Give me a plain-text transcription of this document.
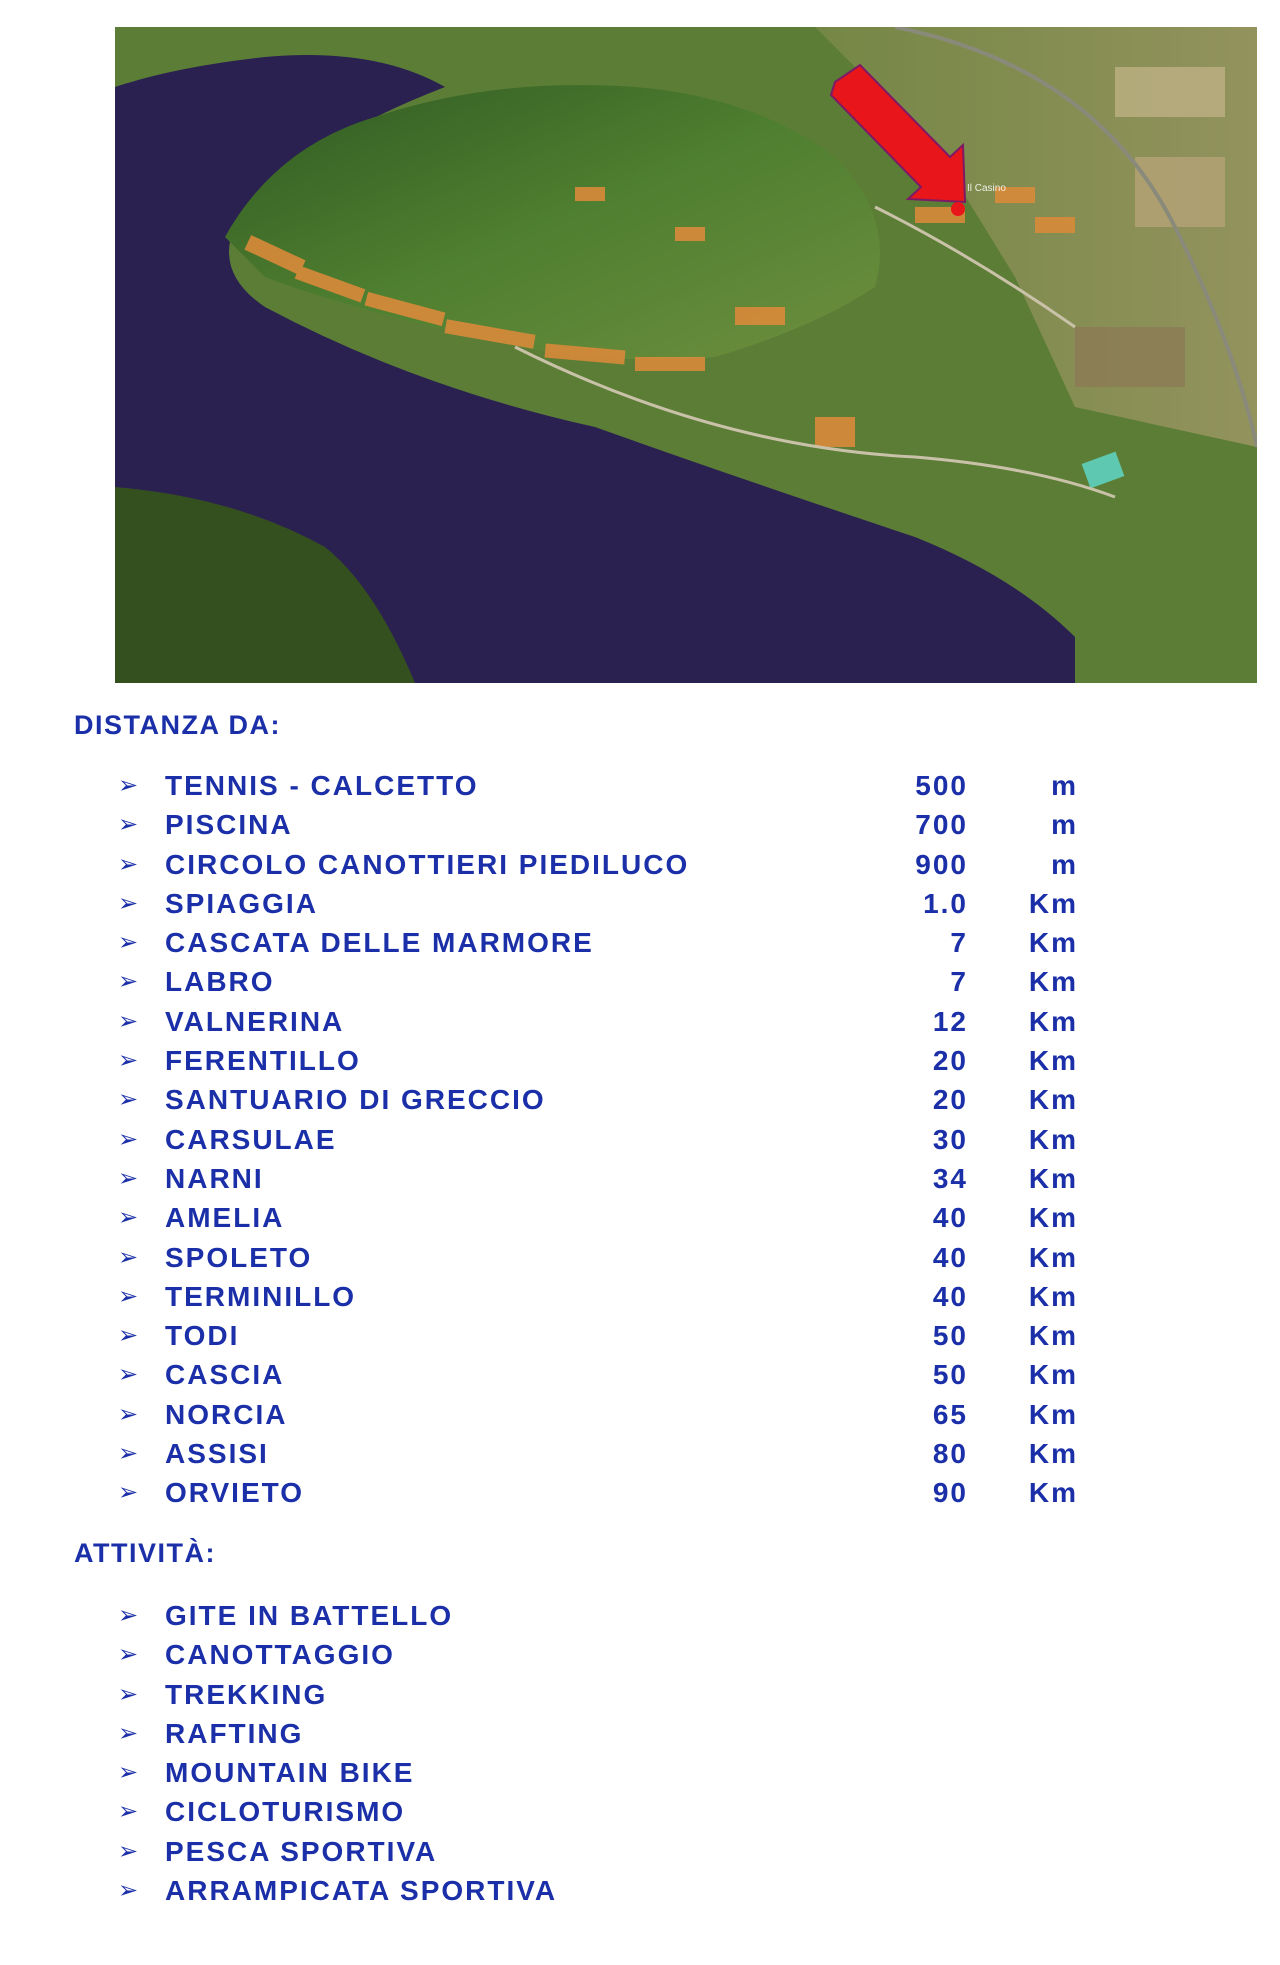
Il Casino
DISTANZA DA:
➢ TENNIS - CALCETTO	500	m
➢ PISCINA	700	m
➢ CIRCOLO CANOTTIERI PIEDILUCO	900	m
➢ SPIAGGIA	1.0	Km
➢ CASCATA DELLE MARMORE	7	Km
➢ LABRO	7	Km
➢ VALNERINA	12	Km
➢ FERENTILLO	20	Km
➢ SANTUARIO DI GRECCIO	20	Km
➢ CARSULAE	30	Km
➢ NARNI	34	Km
➢ AMELIA	40	Km
➢ SPOLETO	40	Km
➢ TERMINILLO	40	Km
➢ TODI	50	Km
➢ CASCIA	50	Km
➢ NORCIA	65	Km
➢ ASSISI	80	Km
➢ ORVIETO	90	Km
ATTIVITÀ:
➢ GITE IN BATTELLO
➢ CANOTTAGGIO
➢ TREKKING
➢ RAFTING
➢ MOUNTAIN BIKE
➢ CICLOTURISMO
➢ PESCA SPORTIVA
➢ ARRAMPICATA SPORTIVA
